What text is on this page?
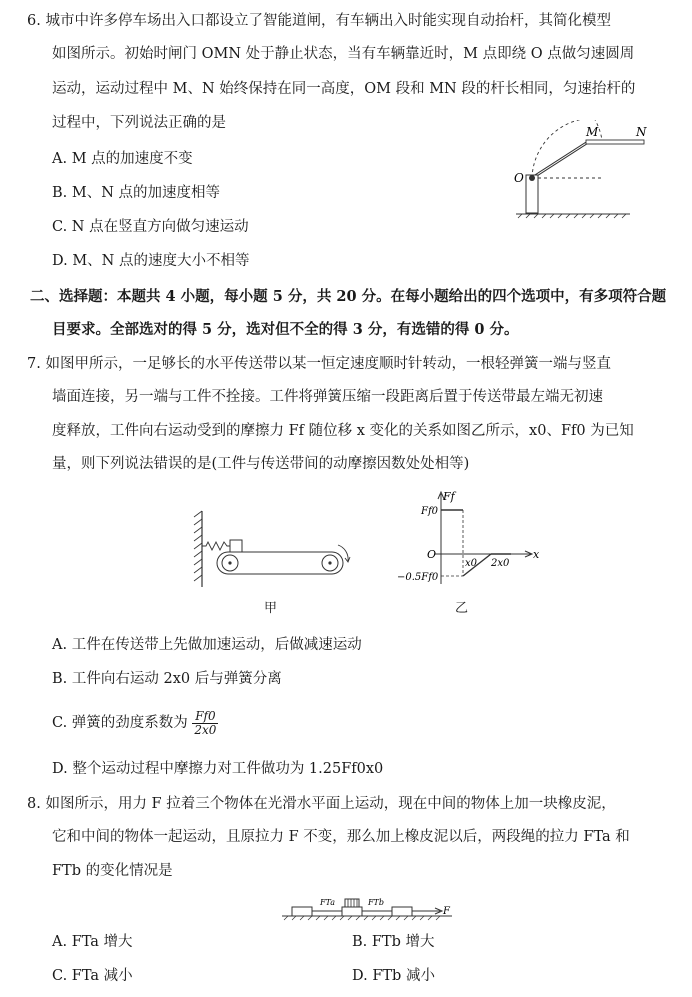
6. 城市中许多停车场出入口都设立了智能道闸，有车辆出入时能实现自动抬杆，其简化模型
如图所示。初始时闸门 OMN 处于静止状态，当有车辆靠近时，M 点即绕 O 点做匀速圆周
运动，运动过程中 M、N 始终保持在同一高度，OM 段和 MN 段的杆长相同，匀速抬杆的
过程中，下列说法正确的是
A. M 点的加速度不变
B. M、N 点的加速度相等
C. N 点在竖直方向做匀速运动
D. M、N 点的速度大小不相等
O
M	N
二、选择题：本题共 4 小题，每小题 5 分，共 20 分。在每小题给出的四个选项中，有多项符合题
目要求。全部选对的得 5 分，选对但不全的得 3 分，有选错的得 0 分。
7. 如图甲所示，一足够长的水平传送带以某一恒定速度顺时针转动，一根轻弹簧一端与竖直
墙面连接，另一端与工件不拴接。工件将弹簧压缩一段距离后置于传送带最左端无初速
度释放，工件向右运动受到的摩擦力 Ff 随位移 x 变化的关系如图乙所示，x0、Ff0 为已知
量，则下列说法错误的是(工件与传送带间的动摩擦因数处处相等)
甲
Ff
x
Ff0
O
−0.5Ff0
x0 2x0
乙
A. 工件在传送带上先做加速运动，后做减速运动
B. 工件向右运动 2x0 后与弹簧分离
C. 弹簧的劲度系数为 $\frac{Ff0}{2x0}$
D. 整个运动过程中摩擦力对工件做功为 1.25Ff0x0
8. 如图所示，用力 F 拉着三个物体在光滑水平面上运动，现在中间的物体上加一块橡皮泥，
它和中间的物体一起运动，且原拉力 F 不变，那么加上橡皮泥以后，两段绳的拉力 FTa 和
FTb 的变化情况是
FTa	FTb
F
A. FTa 增大	B. FTb 增大
C. FTa 减小	D. FTb 减小
